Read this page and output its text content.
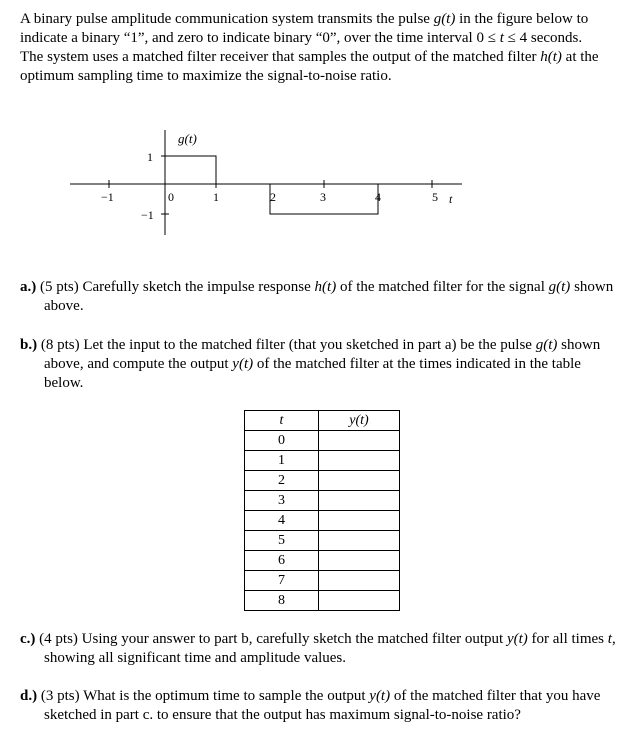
A binary pulse amplitude communication system transmits the pulse g(t) in the figure below to indicate a binary “1”, and zero to indicate binary “0”, over the time interval 0 ≤ t ≤ 4 seconds. The system uses a matched filter receiver that samples the output of the matched filter h(t) at the optimum sampling time to maximize the signal-to-noise ratio.
g(t)
1
−1
−1	0	1	2	3	4	5 t
a.) (5 pts) Carefully sketch the impulse response h(t) of the matched filter for the signal g(t) shown above.
b.) (8 pts) Let the input to the matched filter (that you sketched in part a) be the pulse g(t) shown above, and compute the output y(t) of the matched filter at the times indicated in the table below.
t	y(t)
0	
1	
2	
3	
4	
5	
6	
7	
8	
c.) (4 pts) Using your answer to part b, carefully sketch the matched filter output y(t) for all times t, showing all significant time and amplitude values.
d.) (3 pts) What is the optimum time to sample the output y(t) of the matched filter that you have sketched in part c. to ensure that the output has maximum signal-to-noise ratio?
